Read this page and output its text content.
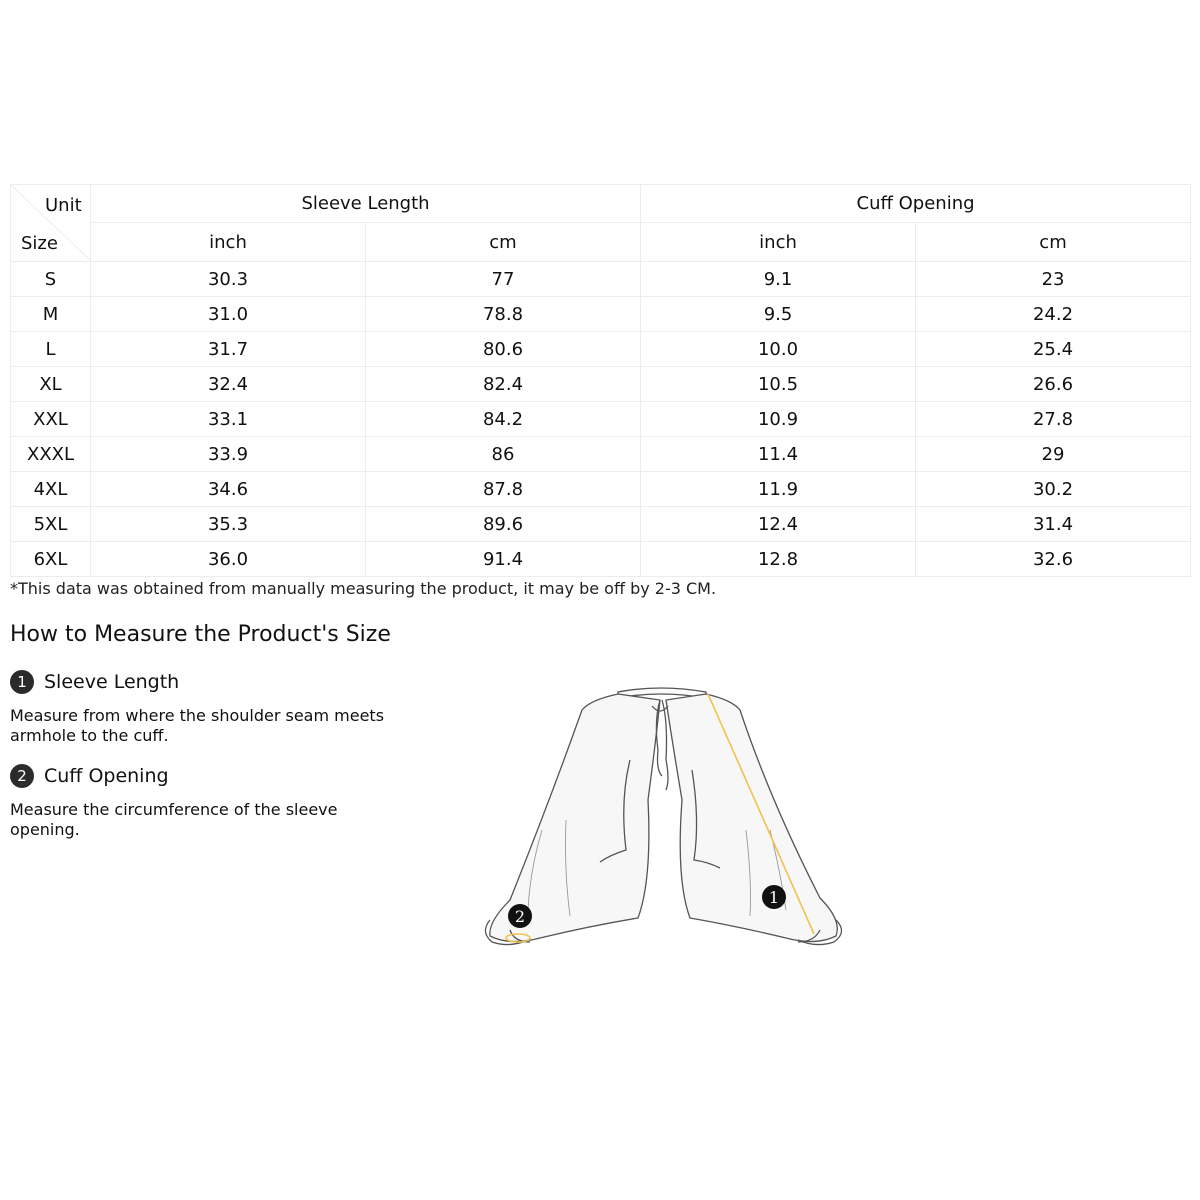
Unit
Size	Sleeve Length		Cuff Opening	
	inch	cm	inch	cm
S	30.3	77	9.1	23
M	31.0	78.8	9.5	24.2
L	31.7	80.6	10.0	25.4
XL	32.4	82.4	10.5	26.6
XXL	33.1	84.2	10.9	27.8
XXXL	33.9	86	11.4	29
4XL	34.6	87.8	11.9	30.2
5XL	35.3	89.6	12.4	31.4
6XL	36.0	91.4	12.8	32.6
*This data was obtained from manually measuring the product, it may be off by 2-3 CM.
How to Measure the Product's Size
1 Sleeve Length

Measure from where the shoulder seam meets armhole to the cuff.

2 Cuff Opening

Measure the circumference of the sleeve opening.

1
2
